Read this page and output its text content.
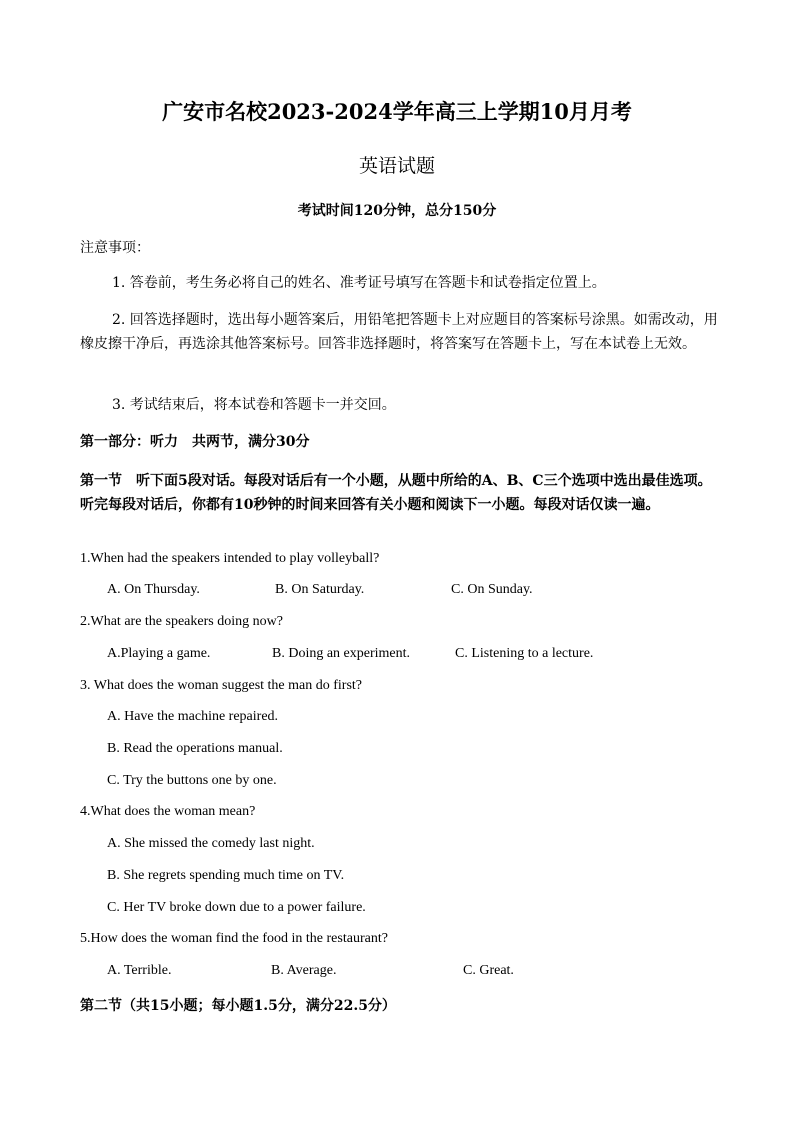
广安市名校2023-2024学年高三上学期10月月考
英语试题
考试时间120分钟，总分150分
注意事项：
1. 答卷前，考生务必将自己的姓名、准考证号填写在答题卡和试卷指定位置上。
2. 回答选择题时，选出每小题答案后，用铅笔把答题卡上对应题目的答案标号涂黑。如需改动，用橡皮擦干净后，再选涂其他答案标号。回答非选择题时，将答案写在答题卡上，写在本试卷上无效。
3. 考试结束后，将本试卷和答题卡一并交回。
第一部分：听力　共两节，满分30分
第一节　听下面5段对话。每段对话后有一个小题，从题中所给的A、B、C三个选项中选出最佳选项。听完每段对话后，你都有10秒钟的时间来回答有关小题和阅读下一小题。每段对话仅读一遍。
1.When had the speakers intended to play volleyball?
A. On Thursday.	B. On Saturday.	C. On Sunday.
2.What are the speakers doing now?
A.Playing a game.	B. Doing an experiment.	C. Listening to a lecture.
3. What does the woman suggest the man do first?
A. Have the machine repaired.
B. Read the operations manual.
C. Try the buttons one by one.
4.What does the woman mean?
A. She missed the comedy last night.
B. She regrets spending much time on TV.
C. Her TV broke down due to a power failure.
5.How does the woman find the food in the restaurant?
A. Terrible.	B. Average.	C. Great.
第二节（共15小题；每小题1.5分，满分22.5分）
